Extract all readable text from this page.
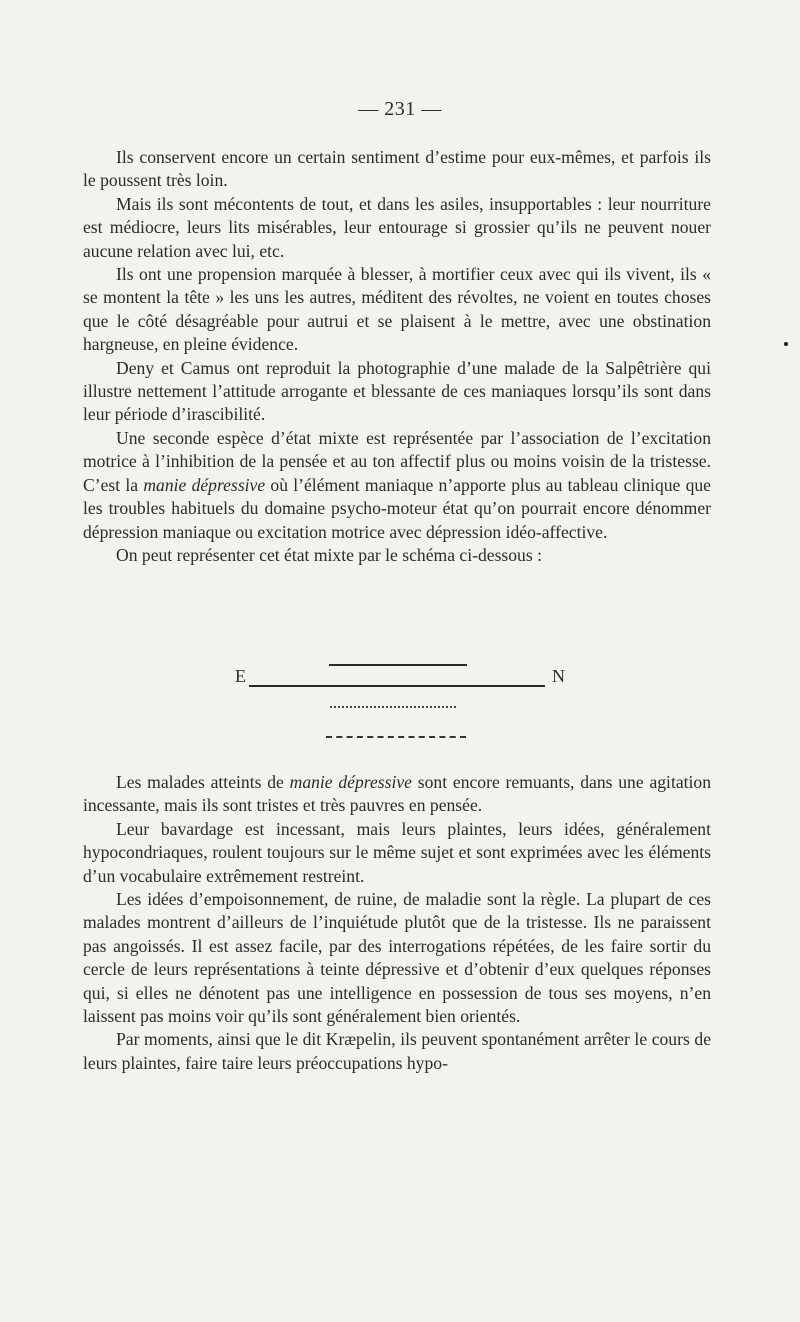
— 231 —

Ils conservent encore un certain sentiment d’estime pour eux-mêmes, et parfois ils le poussent très loin.

Mais ils sont mécontents de tout, et dans les asiles, insupportables : leur nourriture est médiocre, leurs lits misérables, leur entourage si grossier qu’ils ne peuvent nouer aucune relation avec lui, etc.

Ils ont une propension marquée à blesser, à mortifier ceux avec qui ils vivent, ils « se montent la tête » les uns les autres, méditent des révoltes, ne voient en toutes choses que le côté désagréable pour autrui et se plaisent à le mettre, avec une obstination hargneuse, en pleine évidence.

Deny et Camus ont reproduit la photographie d’une malade de la Salpêtrière qui illustre nettement l’attitude arrogante et blessante de ces maniaques lorsqu’ils sont dans leur période d’irascibilité.

Une seconde espèce d’état mixte est représentée par l’association de l’excitation motrice à l’inhibition de la pensée et au ton affectif plus ou moins voisin de la tristesse. C’est la manie dépressive où l’élément maniaque n’apporte plus au tableau clinique que les troubles habituels du domaine psycho-moteur état qu’on pourrait encore dénommer dépression maniaque ou excitation motrice avec dépression idéo-affective.

On peut représenter cet état mixte par le schéma ci-dessous :

E	N

Les malades atteints de manie dépressive sont encore remuants, dans une agitation incessante, mais ils sont tristes et très pauvres en pensée.

Leur bavardage est incessant, mais leurs plaintes, leurs idées, généralement hypocondriaques, roulent toujours sur le même sujet et sont exprimées avec les éléments d’un vocabulaire extrêmement restreint.

Les idées d’empoisonnement, de ruine, de maladie sont la règle. La plupart de ces malades montrent d’ailleurs de l’inquiétude plutôt que de la tristesse. Ils ne paraissent pas angoissés. Il est assez facile, par des interrogations répétées, de les faire sortir du cercle de leurs représentations à teinte dépressive et d’obtenir d’eux quelques réponses qui, si elles ne dénotent pas une intelligence en possession de tous ses moyens, n’en laissent pas moins voir qu’ils sont généralement bien orientés.

Par moments, ainsi que le dit Kræpelin, ils peuvent spontanément arrêter le cours de leurs plaintes, faire taire leurs préoccupations hypo-
